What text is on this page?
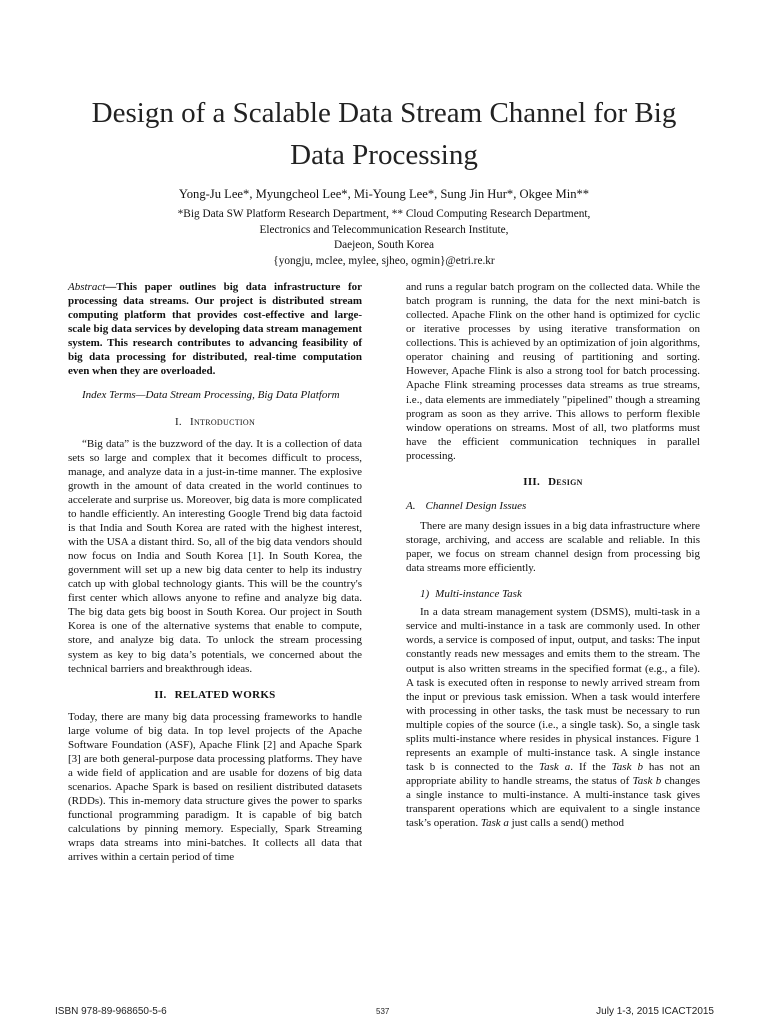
Design of a Scalable Data Stream Channel for Big
Data Processing
Yong-Ju Lee*, Myungcheol Lee*, Mi-Young Lee*, Sung Jin Hur*, Okgee Min**
*Big Data SW Platform Research Department, ** Cloud Computing Research Department,
Electronics and Telecommunication Research Institute,
Daejeon, South Korea
{yongju, mclee, mylee, sjheo, ogmin}@etri.re.kr

Abstract—This paper outlines big data infrastructure for processing data streams. Our project is distributed stream computing platform that provides cost-effective and large-scale big data services by developing data stream management system. This research contributes to advancing feasibility of big data processing for distributed, real-time computation even when they are overloaded.

Index Terms—Data Stream Processing, Big Data Platform

I. Introduction

“Big data” is the buzzword of the day. It is a collection of data sets so large and complex that it becomes difficult to process, manage, and analyze data in a just-in-time manner. The explosive growth in the amount of data created in the world continues to accelerate and surprise us. Moreover, big data is more complicated to handle efficiently. An interesting Google Trend big data factoid is that India and South Korea are rated with the highest interest, with the USA a distant third. So, all of the big data vendors should now focus on India and South Korea [1]. In South Korea, the government will set up a new big data center to help its industry catch up with global technology giants. This will be the country's first center which allows anyone to refine and analyze big data. The big data gets big boost in South Korea. Our project in South Korea is one of the alternative systems that enable to compute, store, and analyze big data. To unlock the stream processing system as key to big data’s potentials, we concerned about the technical barriers and breakthrough ideas.

II. RELATED WORKS

Today, there are many big data processing frameworks to handle large volume of big data. In top level projects of the Apache Software Foundation (ASF), Apache Flink [2] and Apache Spark [3] are both general-purpose data processing platforms. They have a wide field of application and are usable for dozens of big data scenarios. Apache Spark is based on resilient distributed datasets (RDDs). This in-memory data structure gives the power to sparks functional programming paradigm. It is capable of big batch calculations by pinning memory. Especially, Spark Streaming wraps data streams into mini-batches. It collects all data that arrives within a certain period of time

and runs a regular batch program on the collected data. While the batch program is running, the data for the next mini-batch is collected. Apache Flink on the other hand is optimized for cyclic or iterative processes by using iterative transformation on collections. This is achieved by an optimization of join algorithms, operator chaining and reusing of partitioning and sorting. However, Apache Flink is also a strong tool for batch processing. Apache Flink streaming processes data streams as true streams, i.e., data elements are immediately "pipelined" though a streaming program as soon as they arrive. This allows to perform flexible window operations on streams. Most of all, two platforms must have the efficient communication techniques in parallel processing.

III. Design
A. Channel Design Issues

There are many design issues in a big data infrastructure where storage, archiving, and access are scalable and reliable. In this paper, we focus on stream channel design from processing big data streams more efficiently.

1) Multi-instance Task

In a data stream management system (DSMS), multi-task in a service and multi-instance in a task are commonly used. In other words, a service is composed of input, output, and tasks: The input constantly reads new messages and emits them to the stream. The output is also written streams in the specified format (e.g., a file). A task is executed often in response to newly arrived stream from the input or previous task emission. When a task would interfere with processing in other tasks, the task must be necessary to run multiple copies of the source (i.e., a single task). So, a single task splits multi-instance where resides in physical instances. Figure 1 represents an example of multi-instance task. A single instance task b is connected to the Task a. If the Task b has not an appropriate ability to handle streams, the status of Task b changes a single instance to multi-instance. A multi-instance task gives transparent operations which are equivalent to a single instance task’s operation. Task a just calls a send() method

ISBN 978-89-968650-5-6	537	July 1-3, 2015 ICACT2015
